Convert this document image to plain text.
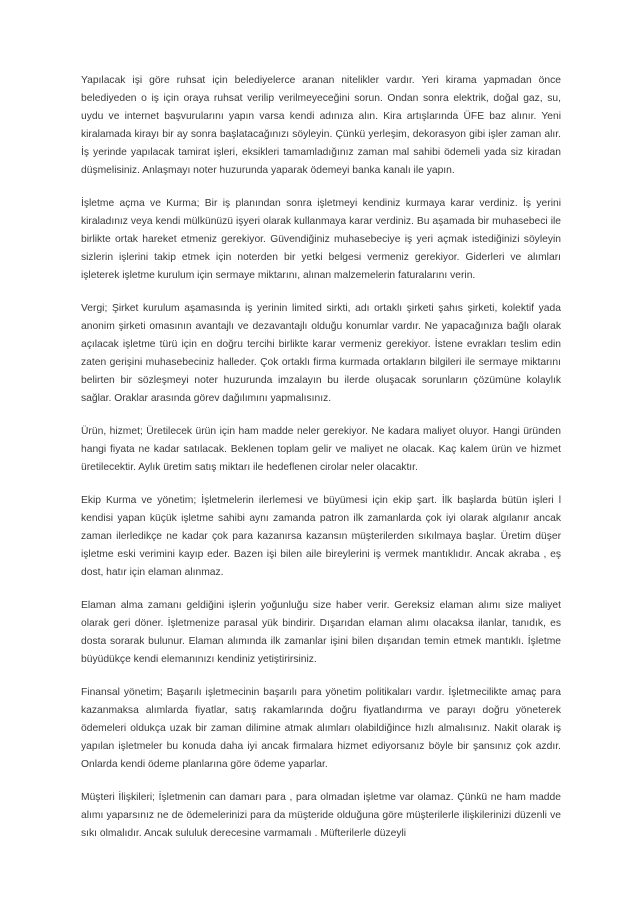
Yapılacak işi göre ruhsat için belediyelerce aranan nitelikler vardır. Yeri kirama yapmadan önce belediyeden o iş için oraya ruhsat verilip verilmeyeceğini sorun. Ondan sonra elektrik, doğal gaz, su, uydu ve internet başvurularını yapın varsa kendi adınıza alın. Kira artışlarında ÜFE baz alınır. Yeni kiralamada kirayı bir ay sonra başlatacağınızı söyleyin. Çünkü yerleşim, dekorasyon gibi işler zaman alır. İş yerinde yapılacak tamirat işleri, eksikleri tamamladığınız zaman mal sahibi ödemeli yada siz kiradan düşmelisiniz. Anlaşmayı noter huzurunda yaparak ödemeyi banka kanalı ile yapın.

İşletme açma ve Kurma; Bir iş planından sonra işletmeyi kendiniz kurmaya karar verdiniz. İş yerini kiraladınız veya kendi mülkünüzü işyeri olarak kullanmaya karar verdiniz. Bu aşamada bir muhasebeci ile birlikte ortak hareket etmeniz gerekiyor. Güvendiğiniz muhasebeciye iş yeri açmak istediğinizi söyleyin sizlerin işlerini takip etmek için noterden bir yetki belgesi vermeniz gerekiyor. Giderleri ve alımları işleterek işletme kurulum için sermaye miktarını, alınan malzemelerin faturalarını verin.

Vergi; Şirket kurulum aşamasında iş yerinin limited sirkti, adı ortaklı şirketi şahıs şirketi, kolektif yada anonim şirketi omasının avantajlı ve dezavantajlı olduğu konumlar vardır. Ne yapacağınıza bağlı olarak açılacak işletme türü için en doğru tercihi birlikte karar vermeniz gerekiyor. İstene evrakları teslim edin zaten gerişini muhasebeciniz halleder. Çok ortaklı firma kurmada ortakların bilgileri ile sermaye miktarını belirten bir sözleşmeyi noter huzurunda imzalayın bu ilerde oluşacak sorunların çözümüne kolaylık sağlar. Oraklar arasında görev dağılımını yapmalısınız.

Ürün, hizmet; Üretilecek ürün için ham madde neler gerekiyor. Ne kadara maliyet oluyor. Hangi üründen hangi fiyata ne kadar satılacak. Beklenen toplam gelir ve maliyet ne olacak. Kaç kalem ürün ve hizmet üretilecektir. Aylık üretim satış miktarı ile hedeflenen cirolar neler olacaktır.

Ekip Kurma ve yönetim; İşletmelerin ilerlemesi ve büyümesi için ekip şart. İlk başlarda bütün işleri l kendisi yapan küçük işletme sahibi aynı zamanda patron ilk zamanlarda çok iyi olarak algılanır ancak zaman ilerledikçe ne kadar çok para kazanırsa kazansın müşterilerden sıkılmaya başlar. Üretim düşer işletme eski verimini kayıp eder. Bazen işi bilen aile bireylerini iş vermek mantıklıdır. Ancak akraba , eş dost, hatır için elaman alınmaz.

Elaman alma zamanı geldiğini işlerin yoğunluğu size haber verir. Gereksiz elaman alımı size maliyet olarak geri döner. İşletmenize parasal yük bindirir. Dışarıdan elaman alımı olacaksa ilanlar, tanıdık, es dosta sorarak bulunur. Elaman alımında ilk zamanlar işini bilen dışarıdan temin etmek mantıklı. İşletme büyüdükçe kendi elemanınızı kendiniz yetiştirirsiniz.

Finansal yönetim; Başarılı işletmecinin başarılı para yönetim politikaları vardır. İşletmecilikte amaç para kazanmaksa alımlarda fiyatlar, satış rakamlarında doğru fiyatlandırma ve parayı doğru yöneterek ödemeleri oldukça uzak bir zaman dilimine atmak alımları olabildiğince hızlı almalısınız. Nakit olarak iş yapılan işletmeler bu konuda daha iyi ancak firmalara hizmet ediyorsanız böyle bir şansınız çok azdır. Onlarda kendi ödeme planlarına göre ödeme yaparlar.

Müşteri İlişkileri; İşletmenin can damarı para , para olmadan işletme var olamaz. Çünkü ne ham madde alımı yaparsınız ne de ödemelerinizi para da müşteride olduğuna göre müşterilerle ilişkilerinizi düzenli ve sıkı olmalıdır. Ancak sululuk derecesine varmamalı . Müfterilerle düzeyli
